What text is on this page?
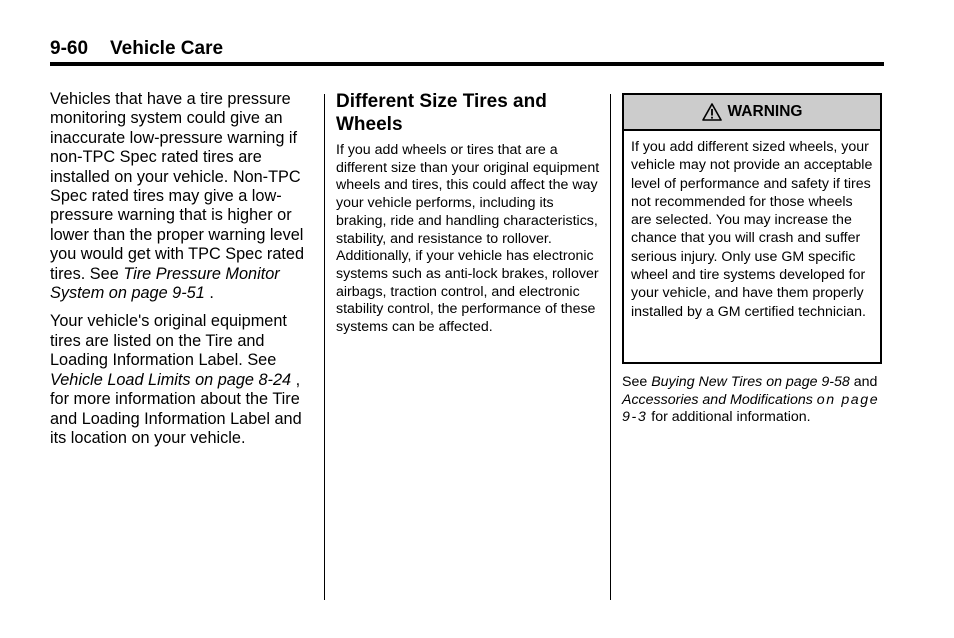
9-60 Vehicle Care

Vehicles that have a tire pressure monitoring system could give an inaccurate low-pressure warning if non-TPC Spec rated tires are installed on your vehicle. Non-TPC Spec rated tires may give a low-pressure warning that is higher or lower than the proper warning level you would get with TPC Spec rated tires. See Tire Pressure Monitor System on page 9-51 .

Your vehicle's original equipment tires are listed on the Tire and Loading Information Label. See Vehicle Load Limits on page 8-24 , for more information about the Tire and Loading Information Label and its location on your vehicle.

Different Size Tires and Wheels

If you add wheels or tires that are a different size than your original equipment wheels and tires, this could affect the way your vehicle performs, including its braking, ride and handling characteristics, stability, and resistance to rollover. Additionally, if your vehicle has electronic systems such as anti-lock brakes, rollover airbags, traction control, and electronic stability control, the performance of these systems can be affected.

WARNING
If you add different sized wheels, your vehicle may not provide an acceptable level of performance and safety if tires not recommended for those wheels are selected. You may increase the chance that you will crash and suffer serious injury. Only use GM specific wheel and tire systems developed for your vehicle, and have them properly installed by a GM certified technician.

See Buying New Tires on page 9-58 and Accessories and Modifications on page 9-3 for additional information.
